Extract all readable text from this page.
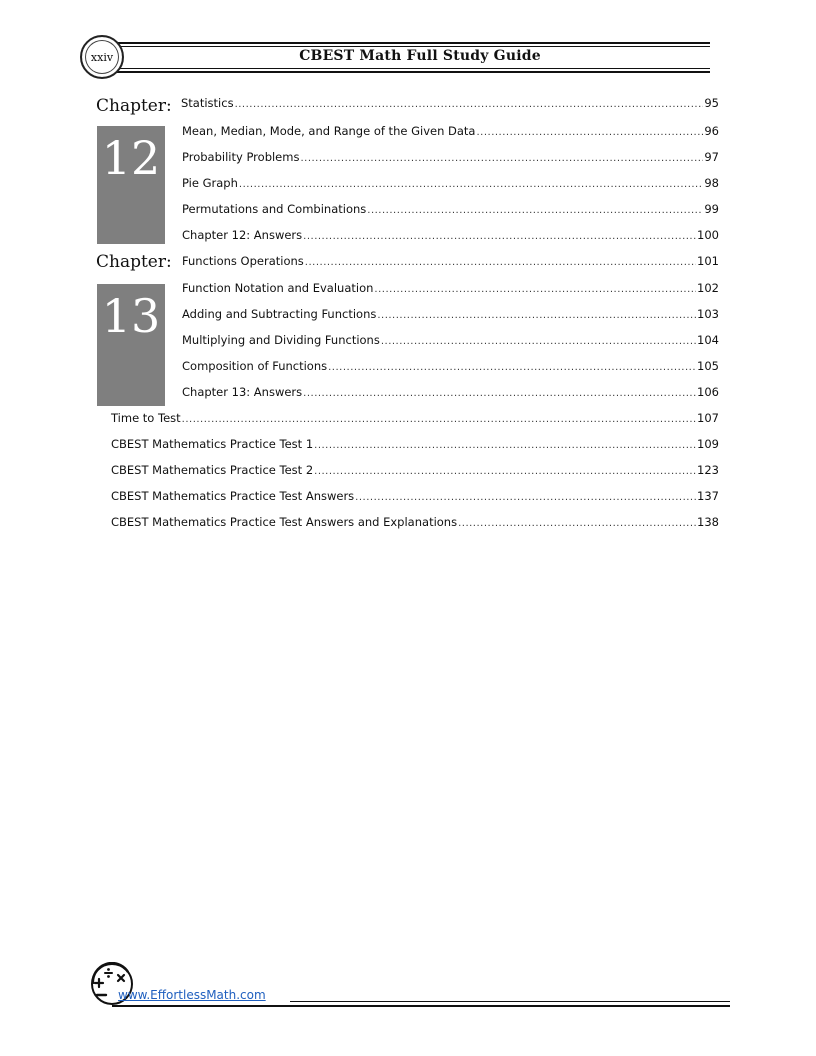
CBEST Math Full Study Guide
xxiv
Chapter:
12
Statistics .....	95
Mean, Median, Mode, and Range of the Given Data .....	96
Probability Problems .....	97
Pie Graph .....	98
Permutations and Combinations .....	99
Chapter 12: Answers .....	100
Chapter:
13
Functions Operations .....	101
Function Notation and Evaluation .....	102
Adding and Subtracting Functions .....	103
Multiplying and Dividing Functions .....	104
Composition of Functions .....	105
Chapter 13: Answers .....	106
Time to Test .....	107
CBEST Mathematics Practice Test 1 .....	109
CBEST Mathematics Practice Test 2 .....	123
CBEST Mathematics Practice Test Answers .....	137
CBEST Mathematics Practice Test Answers and Explanations .....	138
www.EffortlessMath.com
